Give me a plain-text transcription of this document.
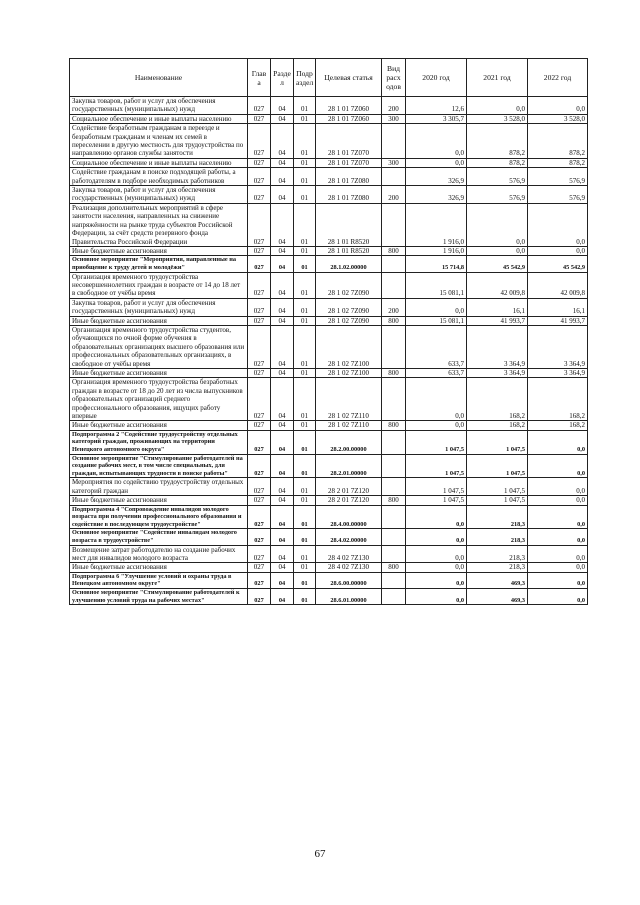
Наименование	Глав а	Разде л	Подр аздел	Целевая статья	Вид расх одов	2020 год	2021 год	2022 год
Закупка товаров, работ и услуг для обеспечения государственных (муниципальных) нужд	027	04	01	28 1 01 7Z060	200	12,6	0,0	0,0
Социальное обеспечение и иные выплаты населению	027	04	01	28 1 01 7Z060	300	3 305,7	3 528,0	3 528,0
Содействие безработным гражданам в переезде и безработным гражданам и членам их семей в переселении в другую местность для трудоустройства по направлению органов службы занятости	027	04	01	28 1 01 7Z070		0,0	878,2	878,2
Социальное обеспечение и иные выплаты населению	027	04	01	28 1 01 7Z070	300	0,0	878,2	878,2
Содействие гражданам в поиске подходящей работы, а работодателям в подборе необходимых работников	027	04	01	28 1 01 7Z080		326,9	576,9	576,9
Закупка товаров, работ и услуг для обеспечения государственных (муниципальных) нужд	027	04	01	28 1 01 7Z080	200	326,9	576,9	576,9
Реализация дополнительных мероприятий в сфере занятости населения, направленных на снижение напряжённости на рынке труда субъектов Российской Федерации, за счёт средств резервного фонда Правительства Российской Федерации	027	04	01	28 1 01 R8520		1 916,0	0,0	0,0
Иные бюджетные ассигнования	027	04	01	28 1 01 R8520	800	1 916,0	0,0	0,0
Основное мероприятие "Мероприятия, направленные на приобщение к труду детей и молодёжи"	027	04	01	28.1.02.00000		15 714,8	45 542,9	45 542,9
Организация временного трудоустройства несовершеннолетних граждан в возрасте от 14 до 18 лет в свободное от учёбы время	027	04	01	28 1 02 7Z090		15 081,1	42 009,8	42 009,8
Закупка товаров, работ и услуг для обеспечения государственных (муниципальных) нужд	027	04	01	28 1 02 7Z090	200	0,0	16,1	16,1
Иные бюджетные ассигнования	027	04	01	28 1 02 7Z090	800	15 081,1	41 993,7	41 993,7
Организация временного трудоустройства студентов, обучающихся по очной форме обучения в образовательных организациях высшего образования или профессиональных образовательных организациях, в свободное от учёбы время	027	04	01	28 1 02 7Z100		633,7	3 364,9	3 364,9
Иные бюджетные ассигнования	027	04	01	28 1 02 7Z100	800	633,7	3 364,9	3 364,9
Организация временного трудоустройства безработных граждан в возрасте от 18 до 20 лет из числа выпускников образовательных организаций среднего профессионального образования, ищущих работу впервые	027	04	01	28 1 02 7Z110		0,0	168,2	168,2
Иные бюджетные ассигнования	027	04	01	28 1 02 7Z110	800	0,0	168,2	168,2
Подпрограмма 2 "Содействие трудоустройству отдельных категорий граждан, проживающих на территории Ненецкого автономного округа"	027	04	01	28.2.00.00000		1 047,5	1 047,5	0,0
Основное мероприятие "Стимулирование работодателей на создание рабочих мест, в том числе специальных, для граждан, испытывающих трудности в поиске работы"	027	04	01	28.2.01.00000		1 047,5	1 047,5	0,0
Мероприятия по содействию трудоустройству отдельных категорий граждан	027	04	01	28 2 01 7Z120		1 047,5	1 047,5	0,0
Иные бюджетные ассигнования	027	04	01	28 2 01 7Z120	800	1 047,5	1 047,5	0,0
Подпрограмма 4 "Сопровождение инвалидов молодого возраста при получении профессионального образования и содействие в последующем трудоустройстве"	027	04	01	28.4.00.00000		0,0	218,3	0,0
Основное мероприятие "Содействие инвалидам молодого возраста в трудоустройстве"	027	04	01	28.4.02.00000		0,0	218,3	0,0
Возмещение затрат работодателю на создание рабочих мест для инвалидов молодого возраста	027	04	01	28 4 02 7Z130		0,0	218,3	0,0
Иные бюджетные ассигнования	027	04	01	28 4 02 7Z130	800	0,0	218,3	0,0
Подпрограмма 6 "Улучшение условий и охраны труда в Ненецком автономном округе"	027	04	01	28.6.00.00000		0,0	469,3	0,0
Основное мероприятие "Стимулирование работодателей к улучшению условий труда на рабочих местах"	027	04	01	28.6.01.00000		0,0	469,3	0,0
67
